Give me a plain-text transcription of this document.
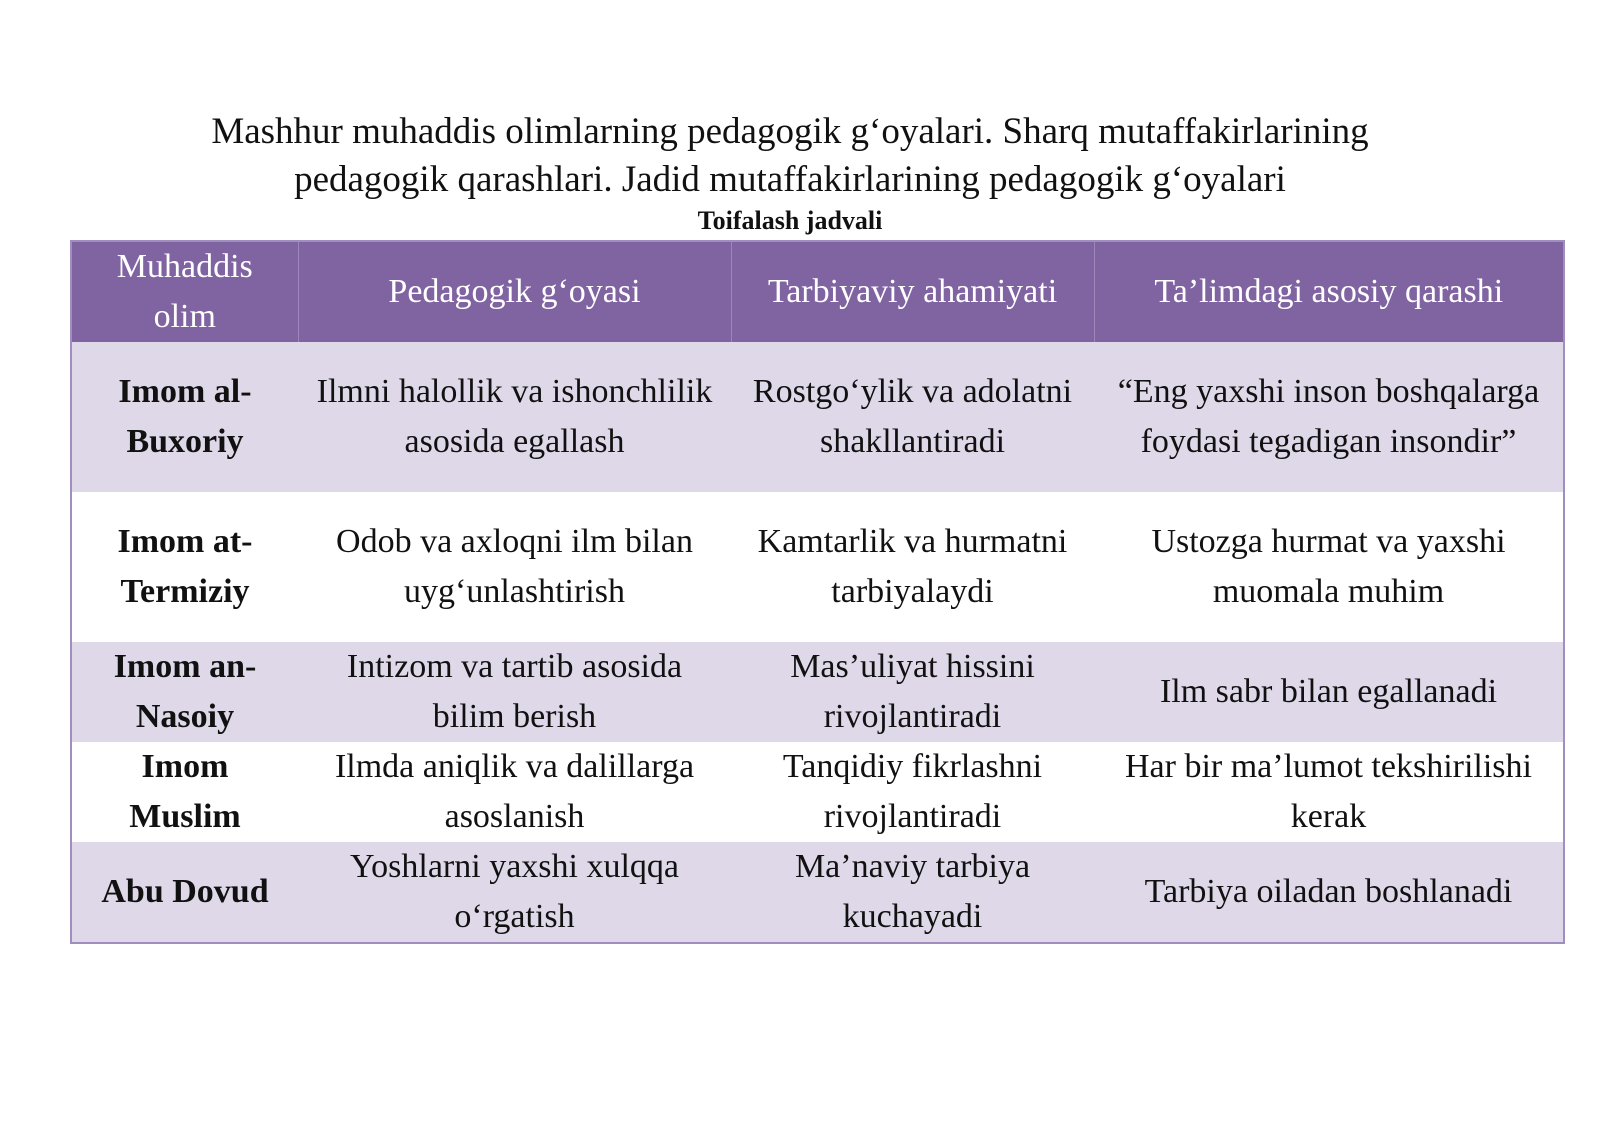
Mashhur muhaddis olimlarning pedagogik g‘oyalari. Sharq mutaffakirlarining
pedagogik qarashlari. Jadid mutaffakirlarining pedagogik g‘oyalari
Toifalash jadvali
Muhaddis olim	Pedagogik g‘oyasi	Tarbiyaviy ahamiyati	Ta’limdagi asosiy qarashi
Imom al-Buxoriy	Ilmni halollik va ishonchlilik asosida egallash	Rostgo‘ylik va adolatni shakllantiradi	“Eng yaxshi inson boshqalarga foydasi tegadigan insondir”
Imom at-Termiziy	Odob va axloqni ilm bilan uyg‘unlashtirish	Kamtarlik va hurmatni tarbiyalaydi	Ustozga hurmat va yaxshi muomala muhim
Imom an-Nasoiy	Intizom va tartib asosida bilim berish	Mas’uliyat hissini rivojlantiradi	Ilm sabr bilan egallanadi
Imom Muslim	Ilmda aniqlik va dalillarga asoslanish	Tanqidiy fikrlashni rivojlantiradi	Har bir ma’lumot tekshirilishi kerak
Abu Dovud	Yoshlarni yaxshi xulqqa o‘rgatish	Ma’naviy tarbiya kuchayadi	Tarbiya oiladan boshlanadi
